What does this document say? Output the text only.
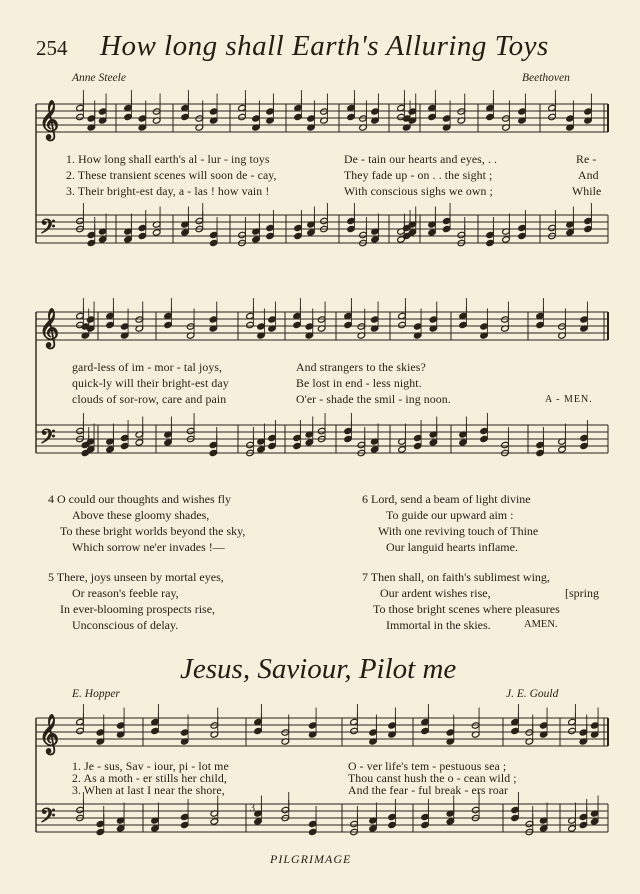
254 How long shall Earth's Alluring Toys
Anne Steele	Beethoven
𝄞
𝄢
𝄞
𝄢
𝄞
𝄢
1. How long shall earth's al - lur - ing toys
2. These transient scenes will soon de - cay,
3. Their bright-est day, a - las ! how vain !
De - tain our hearts and eyes, . .
They fade up - on . . the sight ;
With conscious sighs we own ;
Re -
And
While
gard-less of im - mor - tal joys,
quick-ly will their bright-est day
clouds of sor-row, care and pain
And strangers to the skies?
Be lost in end - less night.
O'er - shade the smil - ing noon.	A - MEN.
4 O could our thoughts and wishes fly
Above these gloomy shades,
To these bright worlds beyond the sky,
Which sorrow ne'er invades !—
5 There, joys unseen by mortal eyes,
Or reason's feeble ray,
In ever-blooming prospects rise,
Unconscious of delay.
6 Lord, send a beam of light divine
To guide our upward aim :
With one reviving touch of Thine
Our languid hearts inflame.
7 Then shall, on faith's sublimest wing,
Our ardent wishes rise,	[spring
To those bright scenes where pleasures
Immortal in the skies.	AMEN.
Jesus, Saviour, Pilot me
E. Hopper	J. E. Gould
1. Je - sus, Sav - iour, pi - lot me
2. As a moth - er stills her child,
3. When at last I near the shore,
O - ver life's tem - pestuous sea ;
Thou canst hush the o - cean wild ;
And the fear - ful break - ers roar
3
PILGRIMAGE
